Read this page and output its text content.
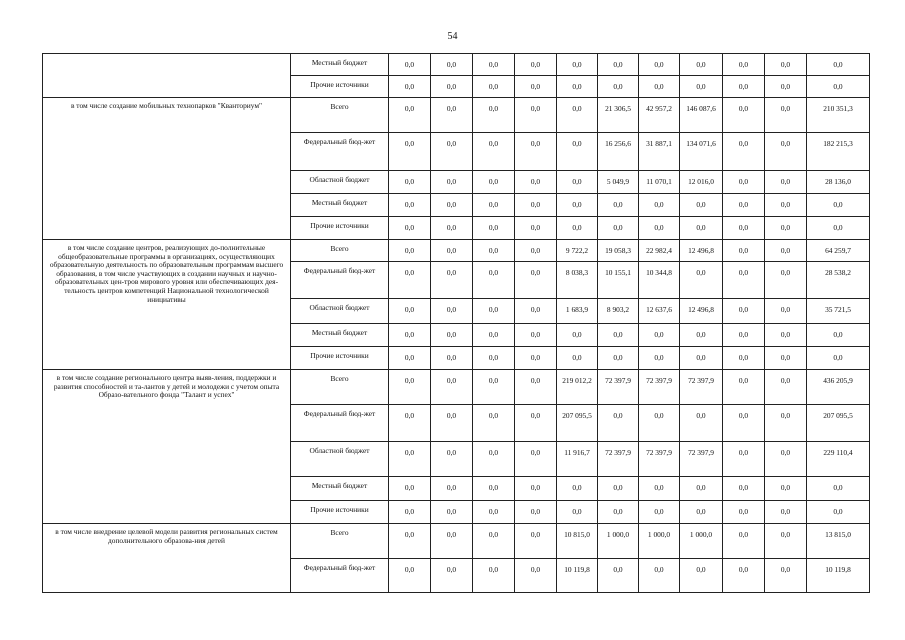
54
	Местный бюджет	0,0	0,0	0,0	0,0	0,0	0,0	0,0	0,0	0,0	0,0	0,0
	Прочие источники	0,0	0,0	0,0	0,0	0,0	0,0	0,0	0,0	0,0	0,0	0,0
в том числе создание мобильных технопарков "Кванториум"	Всего	0,0	0,0	0,0	0,0	0,0	21 306,5	42 957,2	146 087,6	0,0	0,0	210 351,3
	Федеральный бюд-жет	0,0	0,0	0,0	0,0	0,0	16 256,6	31 887,1	134 071,6	0,0	0,0	182 215,3
	Областной бюджет	0,0	0,0	0,0	0,0	0,0	5 049,9	11 070,1	12 016,0	0,0	0,0	28 136,0
	Местный бюджет	0,0	0,0	0,0	0,0	0,0	0,0	0,0	0,0	0,0	0,0	0,0
	Прочие источники	0,0	0,0	0,0	0,0	0,0	0,0	0,0	0,0	0,0	0,0	0,0
в том числе создание центров, реализующих до-полнительные общеобразовательные программы в организациях, осуществляющих образовательную деятельность по образовательным программам высшего образования, в том числе участвующих в создании научных и научно-образовательных цен-тров мирового уровня или обеспечивающих дея-тельность центров компетенций Национальной технологической инициативы	Всего	0,0	0,0	0,0	0,0	9 722,2	19 058,3	22 982,4	12 496,8	0,0	0,0	64 259,7
	Федеральный бюд-жет	0,0	0,0	0,0	0,0	8 038,3	10 155,1	10 344,8	0,0	0,0	0,0	28 538,2
	Областной бюджет	0,0	0,0	0,0	0,0	1 683,9	8 903,2	12 637,6	12 496,8	0,0	0,0	35 721,5
	Местный бюджет	0,0	0,0	0,0	0,0	0,0	0,0	0,0	0,0	0,0	0,0	0,0
	Прочие источники	0,0	0,0	0,0	0,0	0,0	0,0	0,0	0,0	0,0	0,0	0,0
в том числе создание регионального центра выяв-ления, поддержки и развития способностей и та-лантов у детей и молодежи с учетом опыта Образо-вательного фонда "Талант и успех"	Всего	0,0	0,0	0,0	0,0	219 012,2	72 397,9	72 397,9	72 397,9	0,0	0,0	436 205,9
	Федеральный бюд-жет	0,0	0,0	0,0	0,0	207 095,5	0,0	0,0	0,0	0,0	0,0	207 095,5
	Областной бюджет	0,0	0,0	0,0	0,0	11 916,7	72 397,9	72 397,9	72 397,9	0,0	0,0	229 110,4
	Местный бюджет	0,0	0,0	0,0	0,0	0,0	0,0	0,0	0,0	0,0	0,0	0,0
	Прочие источники	0,0	0,0	0,0	0,0	0,0	0,0	0,0	0,0	0,0	0,0	0,0
в том числе внедрение целевой модели развития региональных систем дополнительного образова-ния детей	Всего	0,0	0,0	0,0	0,0	10 815,0	1 000,0	1 000,0	1 000,0	0,0	0,0	13 815,0
	Федеральный бюд-жет	0,0	0,0	0,0	0,0	10 119,8	0,0	0,0	0,0	0,0	0,0	10 119,8
